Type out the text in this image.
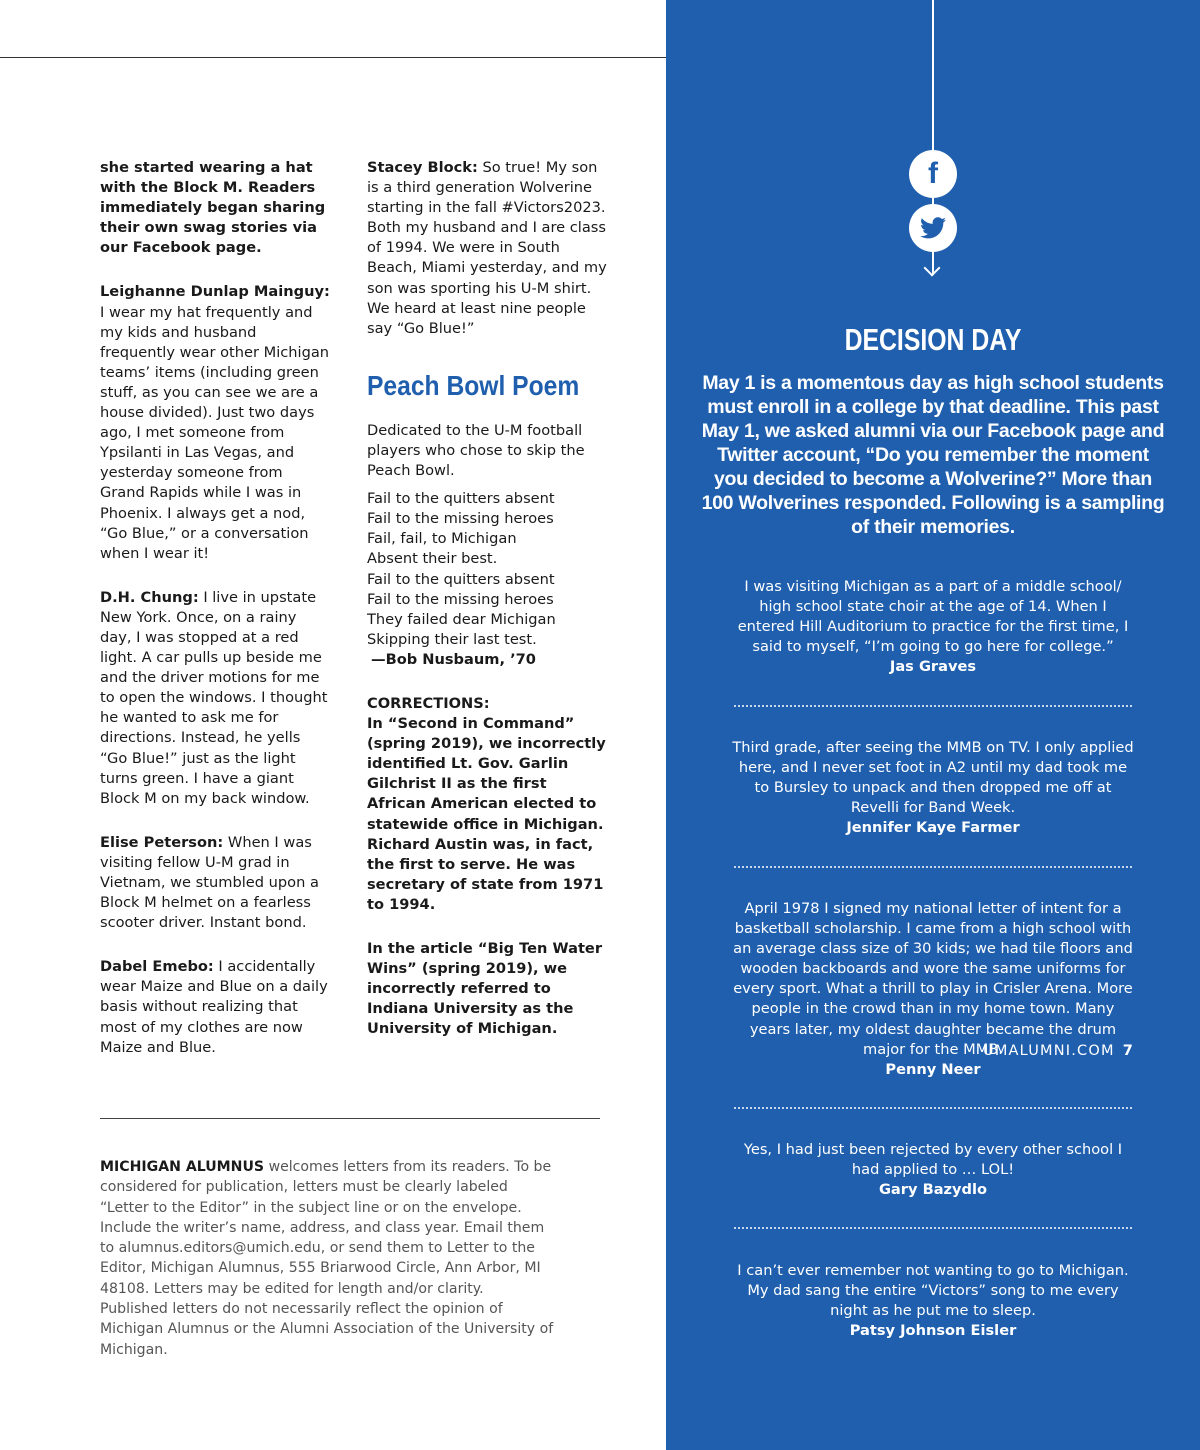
she started wearing a hat with the Block M. Readers immediately began sharing their own swag stories via our Facebook page.

Leighanne Dunlap Mainguy:
I wear my hat frequently and my kids and husband frequently wear other Michigan teams’ items (including green stuff, as you can see we are a house divided). Just two days ago, I met someone from Ypsilanti in Las Vegas, and yesterday someone from Grand Rapids while I was in Phoenix. I always get a nod, “Go Blue,” or a conversation when I wear it!

D.H. Chung: I live in upstate New York. Once, on a rainy day, I was stopped at a red light. A car pulls up beside me and the driver motions for me to open the windows. I thought he wanted to ask me for directions. Instead, he yells “Go Blue!” just as the light turns green. I have a giant Block M on my back window.

Elise Peterson: When I was visiting fellow U-M grad in Vietnam, we stumbled upon a Block M helmet on a fearless scooter driver. Instant bond.

Dabel Emebo: I accidentally wear Maize and Blue on a daily basis without realizing that most of my clothes are now Maize and Blue.

Stacey Block: So true! My son is a third generation Wolverine starting in the fall #Victors2023. Both my husband and I are class of 1994. We were in South Beach, Miami yesterday, and my son was sporting his U-M shirt. We heard at least nine people say “Go Blue!”

Peach Bowl Poem

Dedicated to the U-M football players who chose to skip the Peach Bowl.

Fail to the quitters absent
Fail to the missing heroes
Fail, fail, to Michigan
Absent their best.
Fail to the quitters absent
Fail to the missing heroes
They failed dear Michigan
Skipping their last test.
—Bob Nusbaum, ’70

CORRECTIONS:
In “Second in Command” (spring 2019), we incorrectly identified Lt. Gov. Garlin Gilchrist II as the first African American elected to statewide office in Michigan. Richard Austin was, in fact, the first to serve. He was secretary of state from 1971 to 1994.

In the article “Big Ten Water Wins” (spring 2019), we incorrectly referred to Indiana University as the University of Michigan.

MICHIGAN ALUMNUS welcomes letters from its readers. To be considered for publication, letters must be clearly labeled “Letter to the Editor” in the subject line or on the envelope. Include the writer’s name, address, and class year. Email them to alumnus.editors@umich.edu, or send them to Letter to the Editor, Michigan Alumnus, 555 Briarwood Circle, Ann Arbor, MI 48108. Letters may be edited for length and/or clarity. Published letters do not necessarily reflect the opinion of Michigan Alumnus or the Alumni Association of the University of Michigan.

f
DECISION DAY
May 1 is a momentous day as high school students must enroll in a college by that deadline. This past May 1, we asked alumni via our Facebook page and Twitter account, “Do you remember the moment you decided to become a Wolverine?” More than 100 Wolverines responded. Following is a sampling of their memories.
I was visiting Michigan as a part of a middle school/ high school state choir at the age of 14. When I entered Hill Auditorium to practice for the first time, I said to myself, “I’m going to go here for college.”
Jas Graves
Third grade, after seeing the MMB on TV. I only applied here, and I never set foot in A2 until my dad took me to Bursley to unpack and then dropped me off at Revelli for Band Week.
Jennifer Kaye Farmer
April 1978 I signed my national letter of intent for a basketball scholarship. I came from a high school with an average class size of 30 kids; we had tile floors and wooden backboards and wore the same uniforms for every sport. What a thrill to play in Crisler Arena. More people in the crowd than in my home town. Many years later, my oldest daughter became the drum major for the MMB.
Penny Neer
Yes, I had just been rejected by every other school I had applied to … LOL!
Gary Bazydlo
I can’t ever remember not wanting to go to Michigan. My dad sang the entire “Victors” song to me every night as he put me to sleep.
Patsy Johnson Eisler
UMALUMNI.COM 7
